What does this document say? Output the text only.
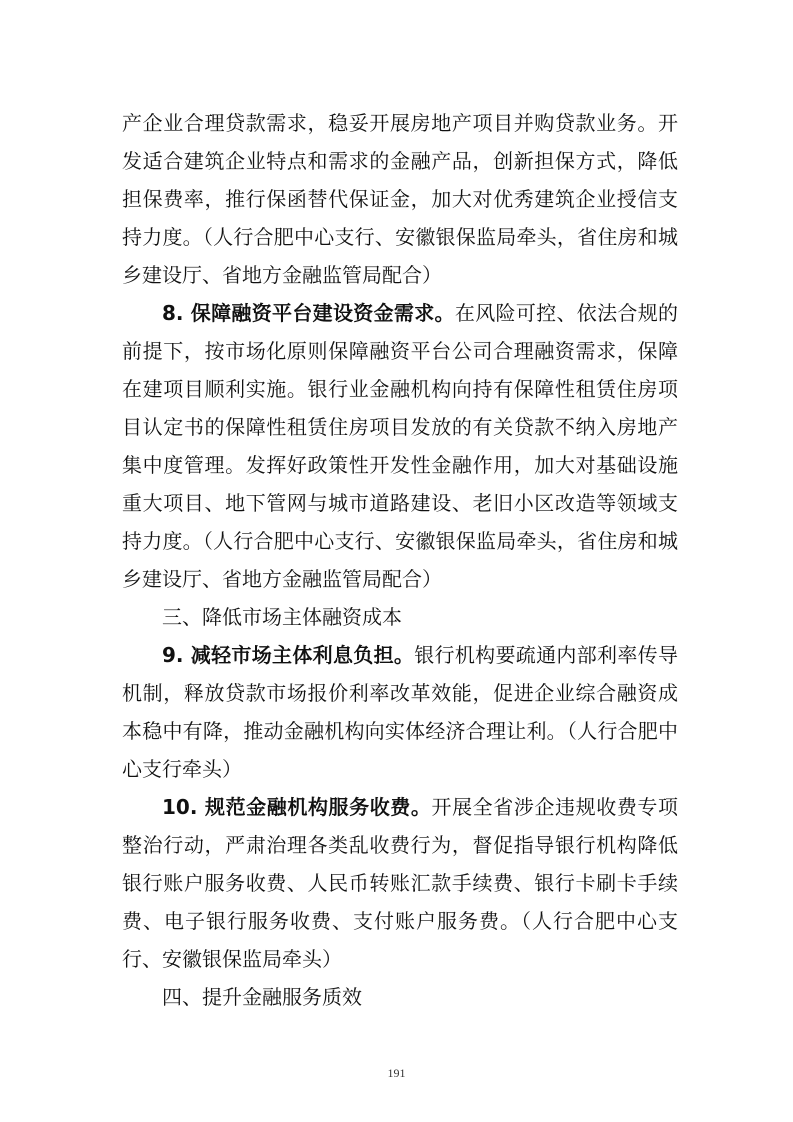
产企业合理贷款需求，稳妥开展房地产项目并购贷款业务。开发适合建筑企业特点和需求的金融产品，创新担保方式，降低担保费率，推行保函替代保证金，加大对优秀建筑企业授信支持力度。（人行合肥中心支行、安徽银保监局牵头，省住房和城乡建设厅、省地方金融监管局配合）

8. 保障融资平台建设资金需求。在风险可控、依法合规的前提下，按市场化原则保障融资平台公司合理融资需求，保障在建项目顺利实施。银行业金融机构向持有保障性租赁住房项目认定书的保障性租赁住房项目发放的有关贷款不纳入房地产集中度管理。发挥好政策性开发性金融作用，加大对基础设施重大项目、地下管网与城市道路建设、老旧小区改造等领域支持力度。（人行合肥中心支行、安徽银保监局牵头，省住房和城乡建设厅、省地方金融监管局配合）

三、降低市场主体融资成本

9. 减轻市场主体利息负担。银行机构要疏通内部利率传导机制，释放贷款市场报价利率改革效能，促进企业综合融资成本稳中有降，推动金融机构向实体经济合理让利。（人行合肥中心支行牵头）

10. 规范金融机构服务收费。开展全省涉企违规收费专项整治行动，严肃治理各类乱收费行为，督促指导银行机构降低银行账户服务收费、人民币转账汇款手续费、银行卡刷卡手续费、电子银行服务收费、支付账户服务费。（人行合肥中心支行、安徽银保监局牵头）

四、提升金融服务质效

191
